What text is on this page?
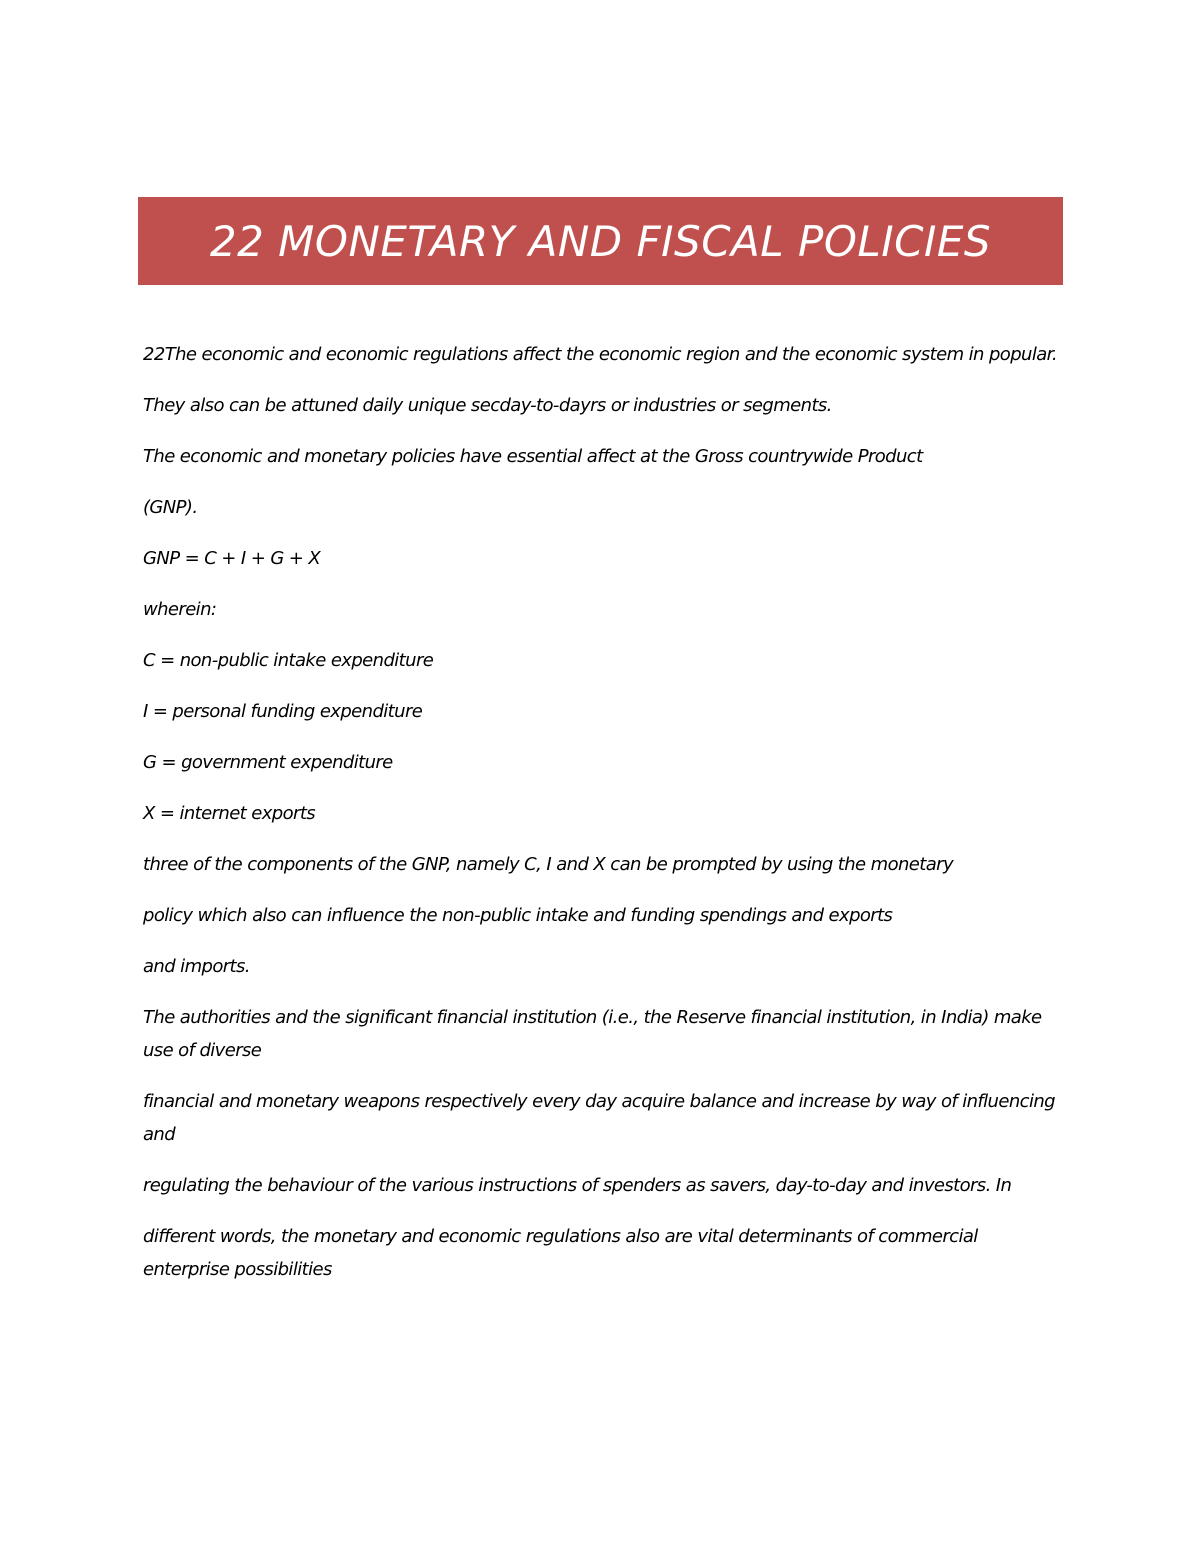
22 MONETARY AND FISCAL POLICIES

22The economic and economic regulations affect the economic region and the economic system in popular.

They also can be attuned daily unique secday-to-dayrs or industries or segments.

The economic and monetary policies have essential affect at the Gross countrywide Product

(GNP).

GNP = C + I + G + X

wherein:

C = non-public intake expenditure

I = personal funding expenditure

G = government expenditure

X = internet exports

three of the components of the GNP, namely C, I and X can be prompted by using the monetary

policy which also can influence the non-public intake and funding spendings and exports

and imports.

The authorities and the significant financial institution (i.e., the Reserve financial institution, in India) make use of diverse

financial and monetary weapons respectively every day acquire balance and increase by way of influencing and

regulating the behaviour of the various instructions of spenders as savers, day-to-day and investors. In

different words, the monetary and economic regulations also are vital determinants of commercial enterprise possibilities
